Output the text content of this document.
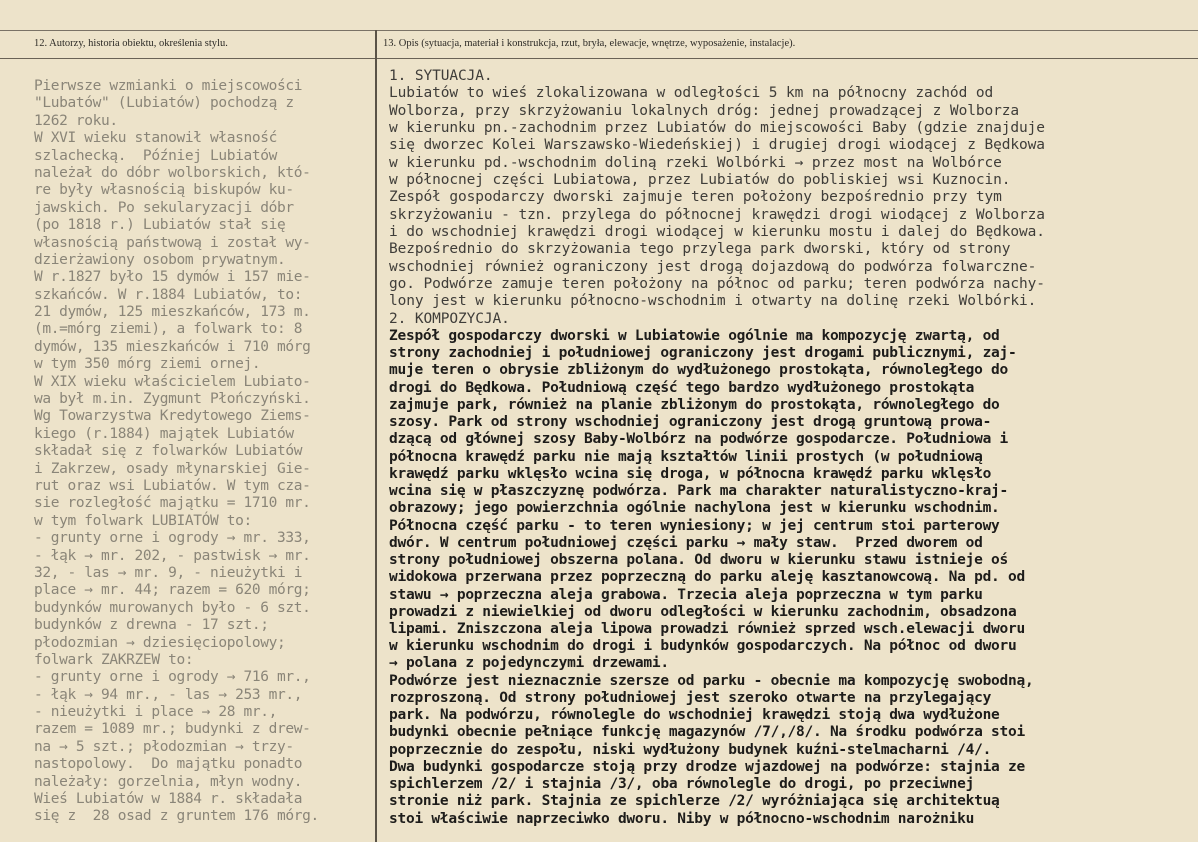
12. Autorzy, historia obiektu, określenia stylu.	13. Opis (sytuacja, materiał i konstrukcja, rzut, bryła, elewacje, wnętrze, wyposażenie, instalacje).
Pierwsze wzmianki o miejscowości
"Lubatów" (Lubiatów) pochodzą z
1262 roku.
W XVI wieku stanowił własność
szlachecką.  Później Lubiatów
należał do dóbr wolborskich, któ-
re były własnością biskupów ku-
jawskich. Po sekularyzacji dóbr
(po 1818 r.) Lubiatów stał się
własnością państwową i został wy-
dzierżawiony osobom prywatnym.
W r.1827 było 15 dymów i 157 mie-
szkańców. W r.1884 Lubiatów, to:
21 dymów, 125 mieszkańców, 173 m.
(m.=mórg ziemi), a folwark to: 8
dymów, 135 mieszkańców i 710 mórg
w tym 350 mórg ziemi ornej.
W XIX wieku właścicielem Lubiato-
wa był m.in. Zygmunt Płończyński.
Wg Towarzystwa Kredytowego Ziems-
kiego (r.1884) majątek Lubiatów
składał się z folwarków Lubiatów
i Zakrzew, osady młynarskiej Gie-
rut oraz wsi Lubiatów. W tym cza-
sie rozległość majątku = 1710 mr.
w tym folwark LUBIATÓW to:
- grunty orne i ogrody → mr. 333,
- łąk → mr. 202, - pastwisk → mr.
32, - las → mr. 9, - nieużytki i
place → mr. 44; razem = 620 mórg;
budynków murowanych było - 6 szt.
budynków z drewna - 17 szt.;
płodozmian → dziesięciopolowy;
folwark ZAKRZEW to:
- grunty orne i ogrody → 716 mr.,
- łąk → 94 mr., - las → 253 mr.,
- nieużytki i place → 28 mr.,
razem = 1089 mr.; budynki z drew-
na → 5 szt.; płodozmian → trzy-
nastopolowy.  Do majątku ponadto
należały: gorzelnia, młyn wodny.
Wieś Lubiatów w 1884 r. składała
się z  28 osad z gruntem 176 mórg.
1. SYTUACJA.
Lubiatów to wieś zlokalizowana w odległości 5 km na północny zachód od
Wolborza, przy skrzyżowaniu lokalnych dróg: jednej prowadzącej z Wolborza
w kierunku pn.-zachodnim przez Lubiatów do miejscowości Baby (gdzie znajduje
się dworzec Kolei Warszawsko-Wiedeńskiej) i drugiej drogi wiodącej z Będkowa
w kierunku pd.-wschodnim doliną rzeki Wolbórki → przez most na Wolbórce
w północnej części Lubiatowa, przez Lubiatów do pobliskiej wsi Kuznocin.
Zespół gospodarczy dworski zajmuje teren położony bezpośrednio przy tym
skrzyżowaniu - tzn. przylega do północnej krawędzi drogi wiodącej z Wolborza
i do wschodniej krawędzi drogi wiodącej w kierunku mostu i dalej do Będkowa.
Bezpośrednio do skrzyżowania tego przylega park dworski, który od strony
wschodniej również ograniczony jest drogą dojazdową do podwórza folwarczne-
go. Podwórze zamuje teren położony na północ od parku; teren podwórza nachy-
lony jest w kierunku północno-wschodnim i otwarty na dolinę rzeki Wolbórki.
2. KOMPOZYCJA.
Zespół gospodarczy dworski w Lubiatowie ogólnie ma kompozycję zwartą, od
strony zachodniej i południowej ograniczony jest drogami publicznymi, zaj-
muje teren o obrysie zbliżonym do wydłużonego prostokąta, równoległego do
drogi do Będkowa. Południową część tego bardzo wydłużonego prostokąta
zajmuje park, również na planie zbliżonym do prostokąta, równoległego do
szosy. Park od strony wschodniej ograniczony jest drogą gruntową prowa-
dzącą od głównej szosy Baby-Wolbórz na podwórze gospodarcze. Południowa i
północna krawędź parku nie mają kształtów linii prostych (w południową
krawędź parku wklęsło wcina się droga, w północna krawędź parku wklęsło
wcina się w płaszczyznę podwórza. Park ma charakter naturalistyczno-kraj-
obrazowy; jego powierzchnia ogólnie nachylona jest w kierunku wschodnim.
Północna część parku - to teren wyniesiony; w jej centrum stoi parterowy
dwór. W centrum południowej części parku → mały staw.  Przed dworem od
strony południowej obszerna polana. Od dworu w kierunku stawu istnieje oś
widokowa przerwana przez poprzeczną do parku aleję kasztanowcową. Na pd. od
stawu → poprzeczna aleja grabowa. Trzecia aleja poprzeczna w tym parku
prowadzi z niewielkiej od dworu odległości w kierunku zachodnim, obsadzona
lipami. Zniszczona aleja lipowa prowadzi również sprzed wsch.elewacji dworu
w kierunku wschodnim do drogi i budynków gospodarczych. Na północ od dworu
→ polana z pojedynczymi drzewami.
Podwórze jest nieznacznie szersze od parku - obecnie ma kompozycję swobodną,
rozproszoną. Od strony południowej jest szeroko otwarte na przylegający
park. Na podwórzu, równolegle do wschodniej krawędzi stoją dwa wydłużone
budynki obecnie pełniące funkcję magazynów /7/,/8/. Na środku podwórza stoi
poprzecznie do zespołu, niski wydłużony budynek kuźni-stelmacharni /4/.
Dwa budynki gospodarcze stoją przy drodze wjazdowej na podwórze: stajnia ze
spichlerzem /2/ i stajnia /3/, oba równolegle do drogi, po przeciwnej
stronie niż park. Stajnia ze spichlerze /2/ wyróżniająca się architektuą
stoi właściwie naprzeciwko dworu. Niby w północno-wschodnim narożniku
